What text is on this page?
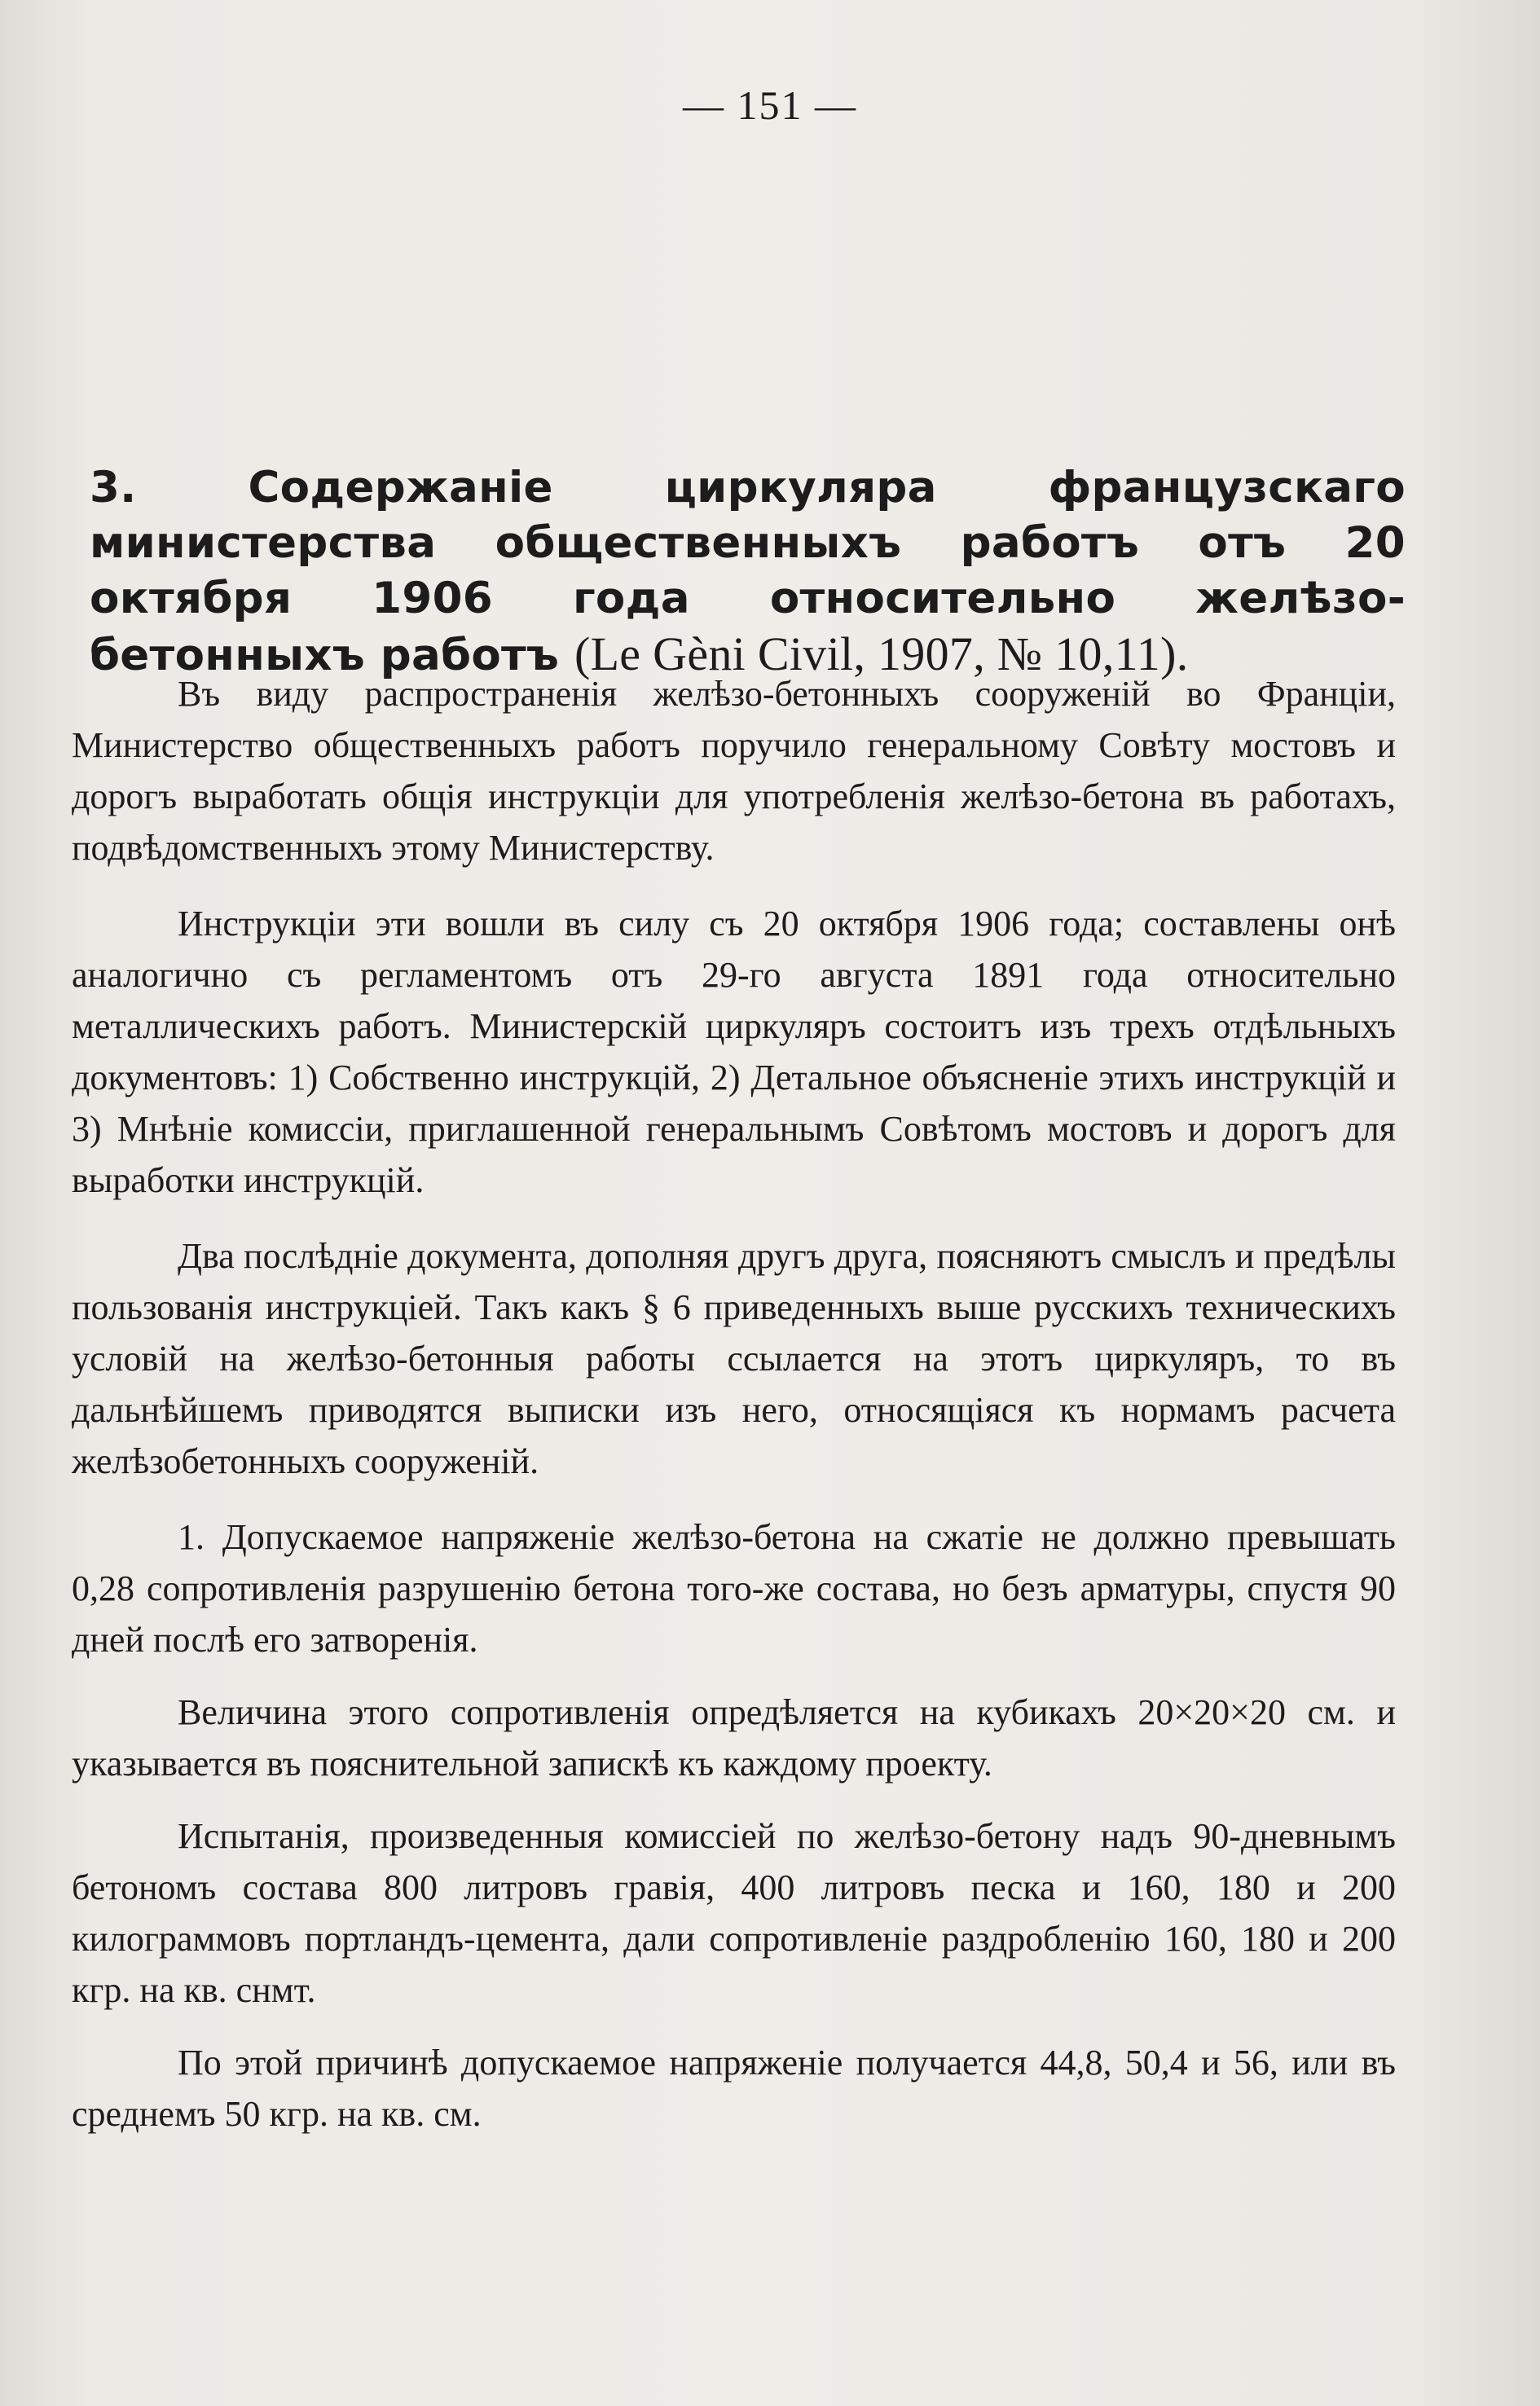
— 151 —
3. Содержаніе циркуляра французскаго министерства общественныхъ работъ отъ 20 октября 1906 года относительно желѣзо-бетонныхъ работъ (Le Gènі Civil, 1907, № 10,11).

Въ виду распространенія желѣзо-бетонныхъ сооруженій во Франціи, Министерство общественныхъ работъ поручило генеральному Совѣту мостовъ и дорогъ выработать общія инструкціи для употребленія желѣзо-бетона въ работахъ, подвѣдомственныхъ этому Министерству.

Инструкціи эти вошли въ силу съ 20 октября 1906 года; составлены онѣ аналогично съ регламентомъ отъ 29-го августа 1891 года относительно металлическихъ работъ. Министерскій циркуляръ состоитъ изъ трехъ отдѣльныхъ документовъ: 1) Собственно инструкцій, 2) Детальное объясненіе этихъ инструкцій и 3) Мнѣніе комиссіи, приглашенной генеральнымъ Совѣтомъ мостовъ и дорогъ для выработки инструкцій.

Два послѣдніе документа, дополняя другъ друга, поясняютъ смыслъ и предѣлы пользованія инструкціей. Такъ какъ § 6 приведенныхъ выше русскихъ техническихъ условій на желѣзо-бетонныя работы ссылается на этотъ циркуляръ, то въ дальнѣйшемъ приводятся выписки изъ него, относящіяся къ нормамъ расчета желѣзобетонныхъ сооруженій.

1. Допускаемое напряженіе желѣзо-бетона на сжатіе не должно превышать 0,28 сопротивленія разрушенію бетона того-же состава, но безъ арматуры, спустя 90 дней послѣ его затворенія.

Величина этого сопротивленія опредѣляется на кубикахъ 20×20×20 см. и указывается въ пояснительной запискѣ къ каждому проекту.

Испытанія, произведенныя комиссіей по желѣзо-бетону надъ 90-дневнымъ бетономъ состава 800 литровъ гравія, 400 литровъ песка и 160, 180 и 200 килограммовъ портландъ-цемента, дали сопротивленіе раздробленію 160, 180 и 200 кгр. на кв. снмт.

По этой причинѣ допускаемое напряженіе получается 44,8, 50,4 и 56, или въ среднемъ 50 кгр. на кв. см.
